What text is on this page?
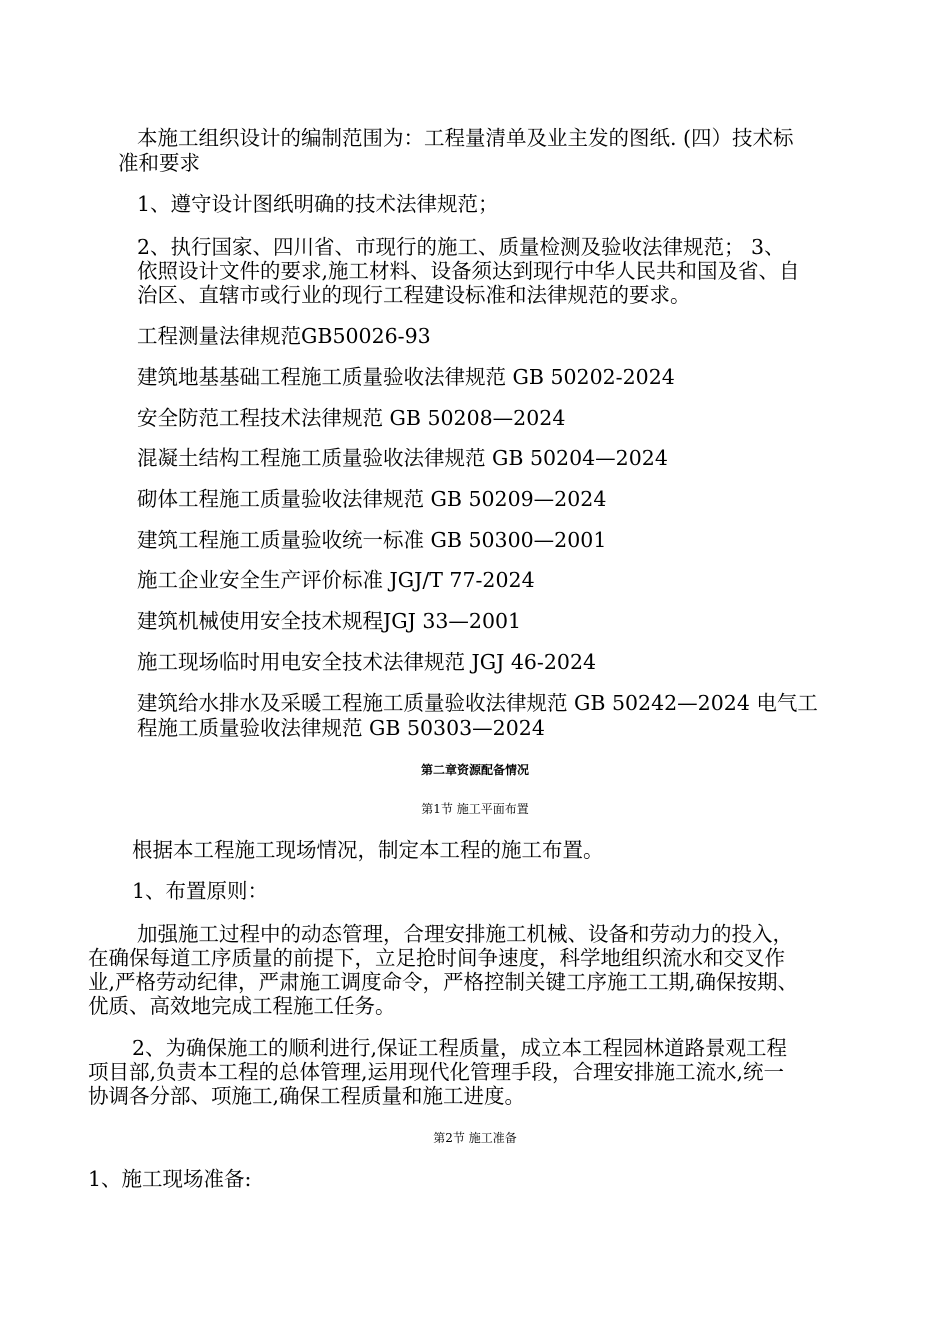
本施工组织设计的编制范围为：工程量清单及业主发的图纸. (四）技术标
准和要求
1、遵守设计图纸明确的技术法律规范；
2、执行国家、四川省、市现行的施工、质量检测及验收法律规范； 3、
依照设计文件的要求,施工材料、设备须达到现行中华人民共和国及省、自
治区、直辖市或行业的现行工程建设标准和法律规范的要求。
工程测量法律规范GB50026-93
建筑地基基础工程施工质量验收法律规范 GB 50202-2024
安全防范工程技术法律规范 GB 50208—2024
混凝土结构工程施工质量验收法律规范 GB 50204—2024
砌体工程施工质量验收法律规范 GB 50209—2024
建筑工程施工质量验收统一标准 GB 50300—2001
施工企业安全生产评价标准 JGJ/T 77-2024
建筑机械使用安全技术规程JGJ 33—2001
施工现场临时用电安全技术法律规范 JGJ 46-2024
建筑给水排水及采暖工程施工质量验收法律规范 GB 50242—2024 电气工
程施工质量验收法律规范 GB 50303—2024
第二章资源配备情况
第1节 施工平面布置
根据本工程施工现场情况，制定本工程的施工布置。
1、布置原则：
加强施工过程中的动态管理，合理安排施工机械、设备和劳动力的投入，
在确保每道工序质量的前提下，立足抢时间争速度，科学地组织流水和交叉作
业,严格劳动纪律，严肃施工调度命令，严格控制关键工序施工工期,确保按期、
优质、高效地完成工程施工任务。
2、为确保施工的顺利进行,保证工程质量，成立本工程园林道路景观工程
项目部,负责本工程的总体管理,运用现代化管理手段，合理安排施工流水,统一
协调各分部、项施工,确保工程质量和施工进度。
第2节 施工准备
1、施工现场准备:
